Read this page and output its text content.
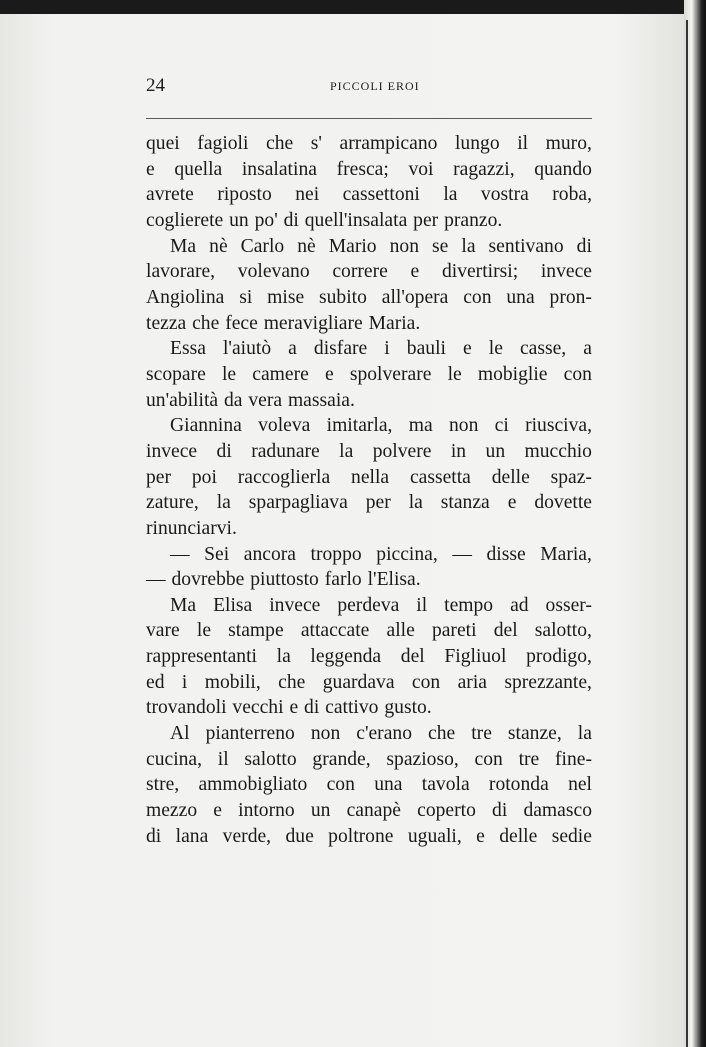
24	PICCOLI EROI
quei fagioli che s' arrampicano lungo il muro,
e quella insalatina fresca; voi ragazzi, quando
avrete riposto nei cassettoni la vostra roba,
coglierete un po' di quell'insalata per pranzo.
Ma nè Carlo nè Mario non se la sentivano di
lavorare, volevano correre e divertirsi; invece
Angiolina si mise subito all'opera con una pron-
tezza che fece meravigliare Maria.
Essa l'aiutò a disfare i bauli e le casse, a
scopare le camere e spolverare le mobiglie con
un'abilità da vera massaia.
Giannina voleva imitarla, ma non ci riusciva,
invece di radunare la polvere in un mucchio
per poi raccoglierla nella cassetta delle spaz-
zature, la sparpagliava per la stanza e dovette
rinunciarvi.
— Sei ancora troppo piccina, — disse Maria,
— dovrebbe piuttosto farlo l'Elisa.
Ma Elisa invece perdeva il tempo ad osser-
vare le stampe attaccate alle pareti del salotto,
rappresentanti la leggenda del Figliuol prodigo,
ed i mobili, che guardava con aria sprezzante,
trovandoli vecchi e di cattivo gusto.
Al pianterreno non c'erano che tre stanze, la
cucina, il salotto grande, spazioso, con tre fine-
stre, ammobigliato con una tavola rotonda nel
mezzo e intorno un canapè coperto di damasco
di lana verde, due poltrone uguali, e delle sedie
